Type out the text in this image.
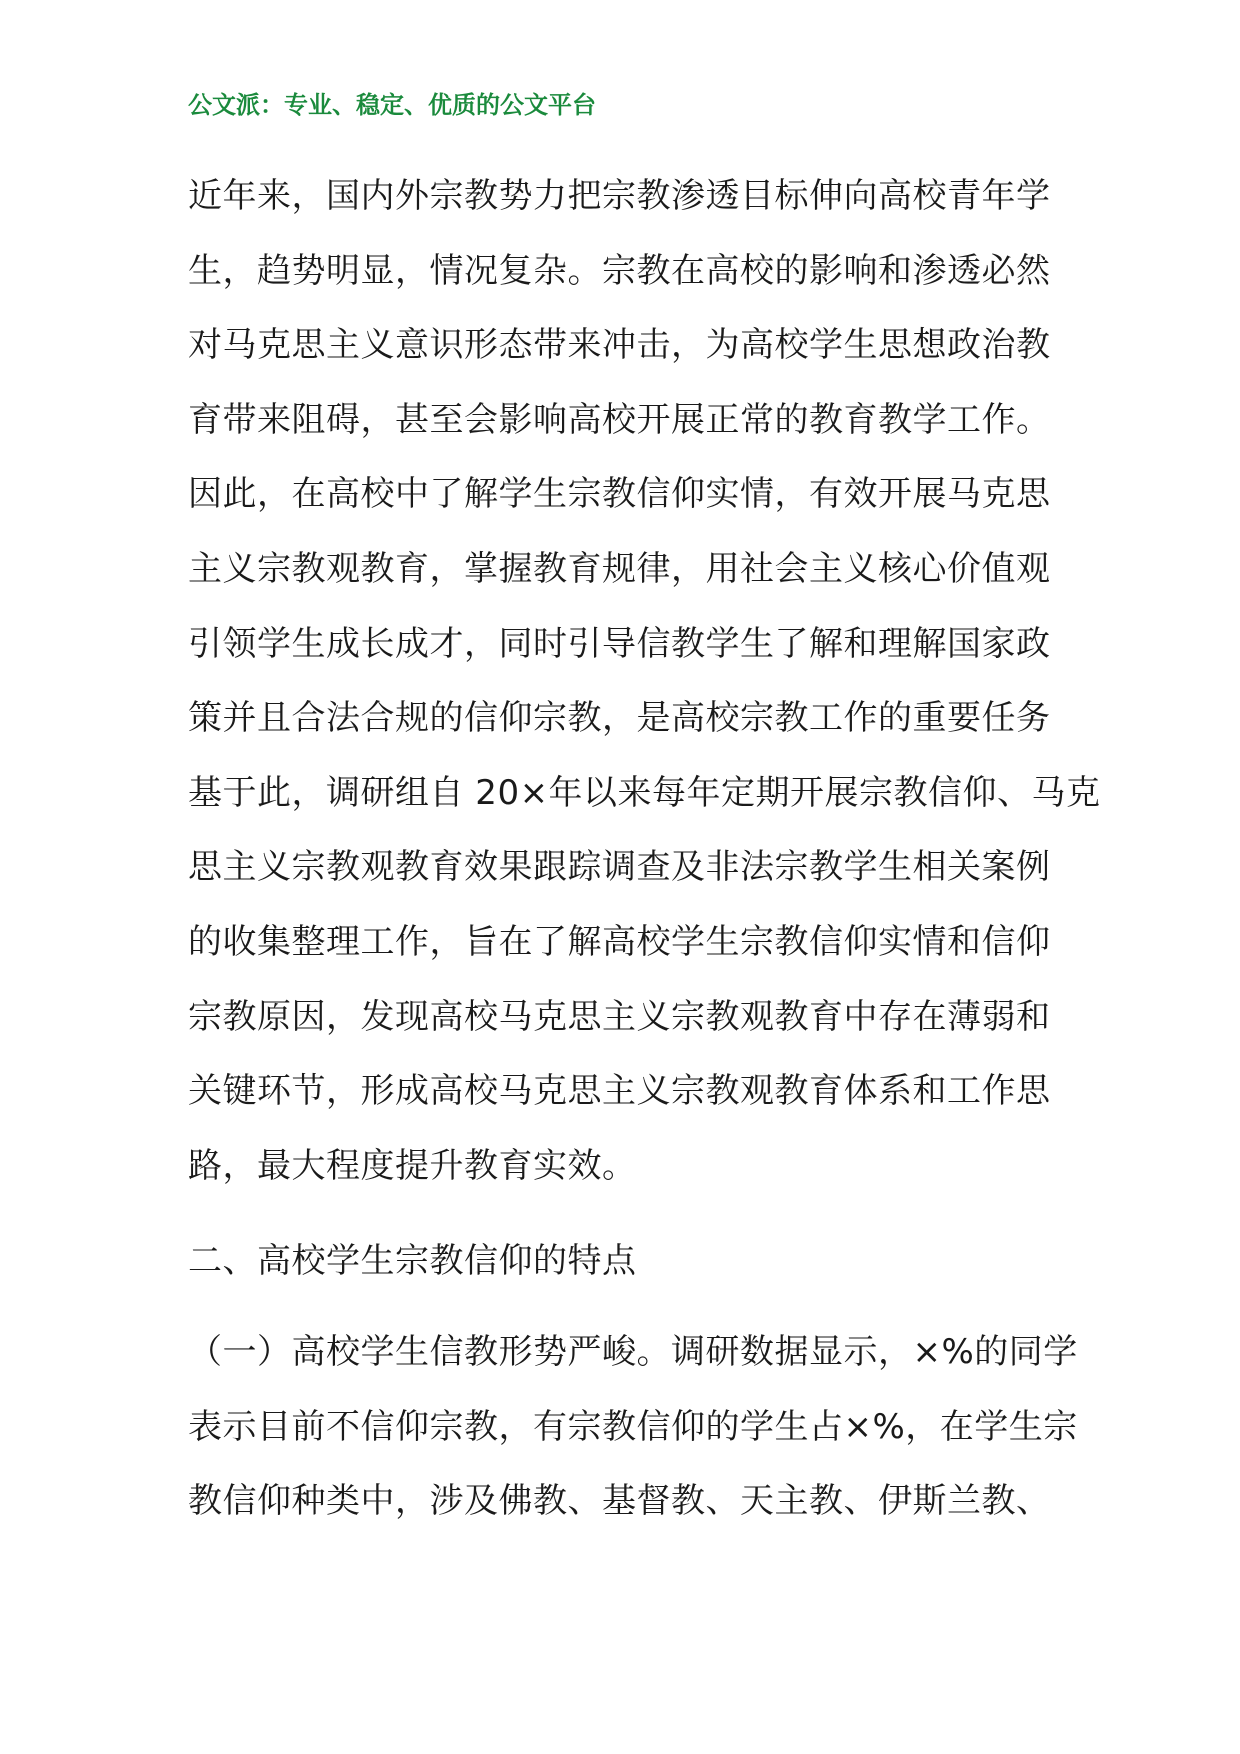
公文派：专业、稳定、优质的公文平台

近年来，国内外宗教势力把宗教渗透目标伸向高校青年学
生，趋势明显，情况复杂。宗教在高校的影响和渗透必然
对马克思主义意识形态带来冲击，为高校学生思想政治教
育带来阻碍，甚至会影响高校开展正常的教育教学工作。
因此，在高校中了解学生宗教信仰实情，有效开展马克思
主义宗教观教育，掌握教育规律，用社会主义核心价值观
引领学生成长成才，同时引导信教学生了解和理解国家政
策并且合法合规的信仰宗教，是高校宗教工作的重要任务
基于此，调研组自 20×年以来每年定期开展宗教信仰、马克
思主义宗教观教育效果跟踪调查及非法宗教学生相关案例
的收集整理工作，旨在了解高校学生宗教信仰实情和信仰
宗教原因，发现高校马克思主义宗教观教育中存在薄弱和
关键环节，形成高校马克思主义宗教观教育体系和工作思
路，最大程度提升教育实效。

二、高校学生宗教信仰的特点

（一）高校学生信教形势严峻。调研数据显示，×%的同学
表示目前不信仰宗教，有宗教信仰的学生占×%，在学生宗
教信仰种类中，涉及佛教、基督教、天主教、伊斯兰教、
